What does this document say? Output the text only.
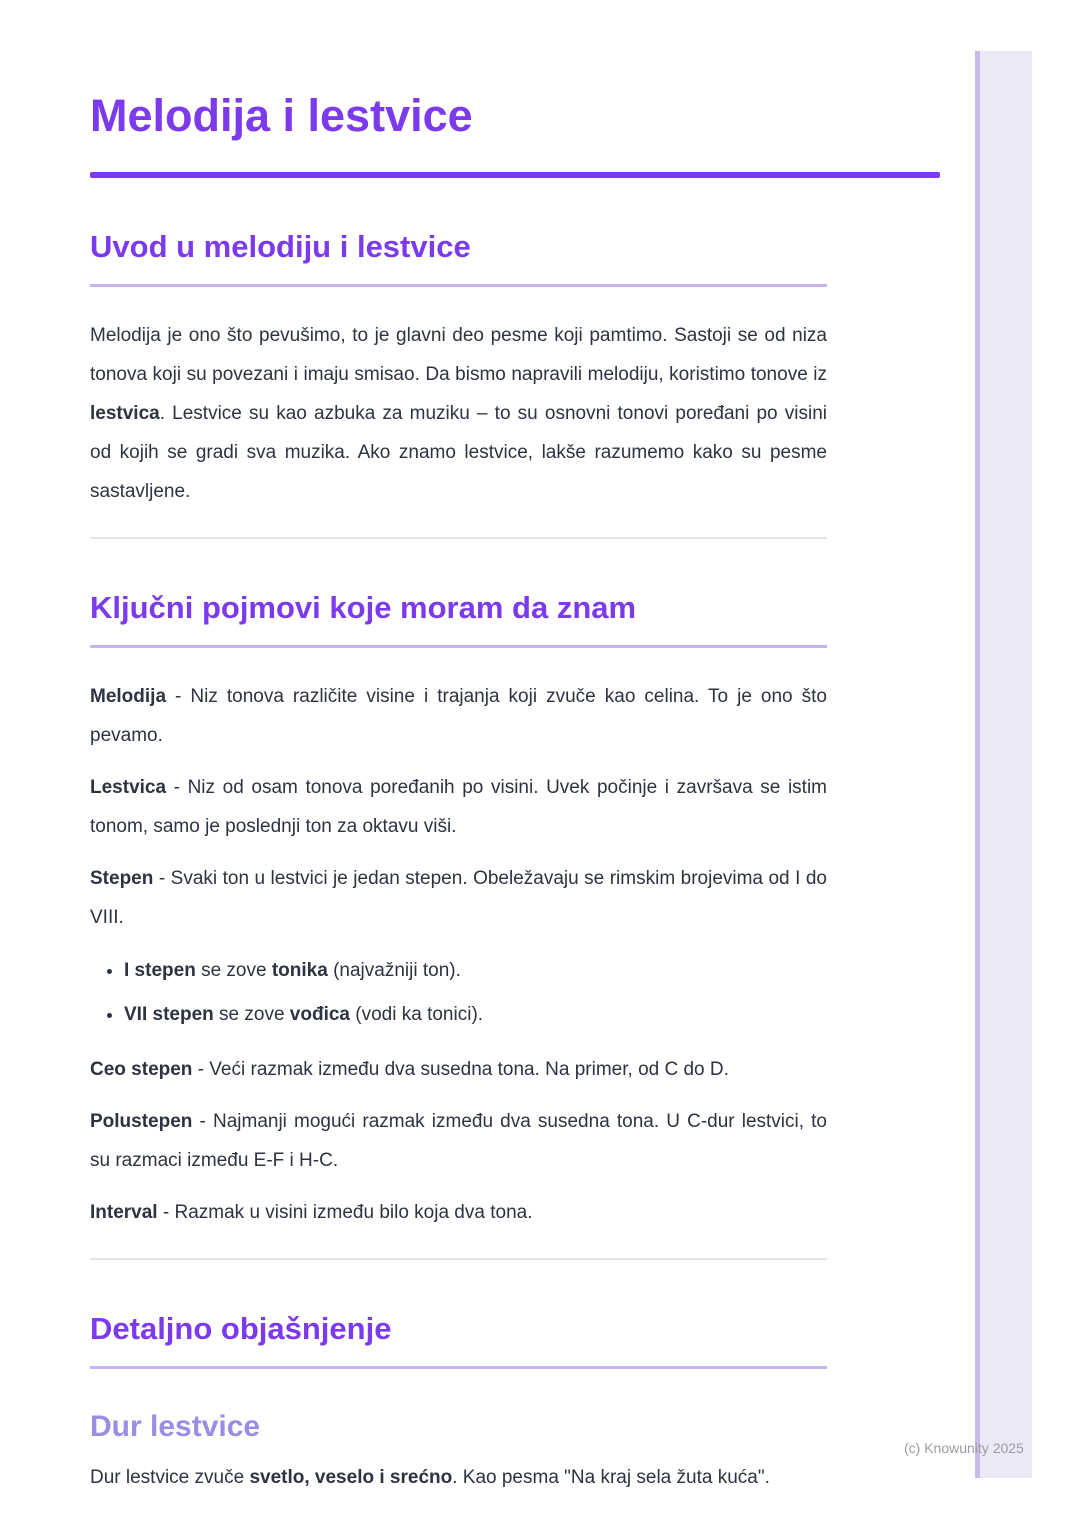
(c) Knowunity 2025
Melodija i lestvice
Uvod u melodiju i lestvice

Melodija je ono što pevušimo, to je glavni deo pesme koji pamtimo. Sastoji se od niza tonova koji su povezani i imaju smisao. Da bismo napravili melodiju, koristimo tonove iz lestvica. Lestvice su kao azbuka za muziku – to su osnovni tonovi poređani po visini od kojih se gradi sva muzika. Ako znamo lestvice, lakše razumemo kako su pesme sastavljene.

Ključni pojmovi koje moram da znam

Melodija - Niz tonova različite visine i trajanja koji zvuče kao celina. To je ono što pevamo.

Lestvica - Niz od osam tonova poređanih po visini. Uvek počinje i završava se istim tonom, samo je poslednji ton za oktavu viši.

Stepen - Svaki ton u lestvici je jedan stepen. Obeležavaju se rimskim brojevima od I do VIII.

• I stepen se zove tonika (najvažniji ton).
• VII stepen se zove vođica (vodi ka tonici).

Ceo stepen - Veći razmak između dva susedna tona. Na primer, od C do D.

Polustepen - Najmanji mogući razmak između dva susedna tona. U C-dur lestvici, to su razmaci između E-F i H-C.

Interval - Razmak u visini između bilo koja dva tona.

Detaljno objašnjenje
Dur lestvice

Dur lestvice zvuče svetlo, veselo i srećno. Kao pesma "Na kraj sela žuta kuća".
